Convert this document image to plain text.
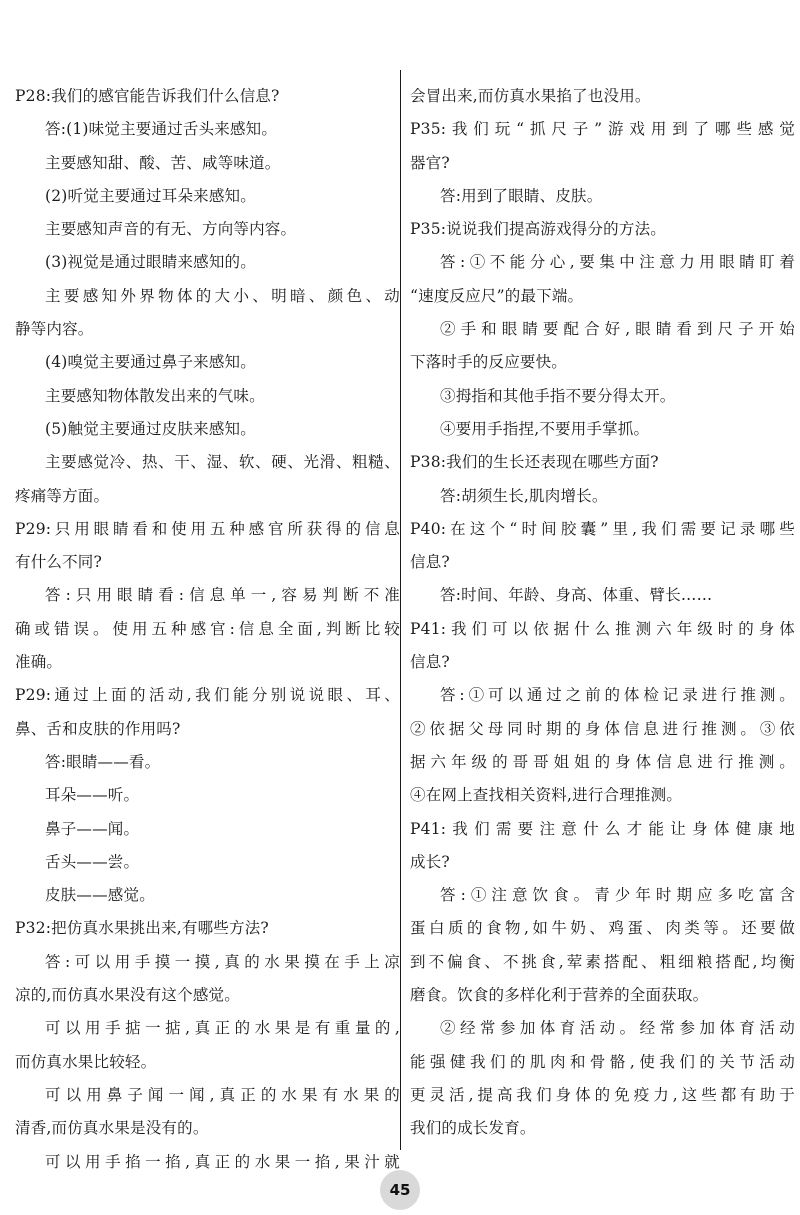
P28:我们的感官能告诉我们什么信息?
答:(1)味觉主要通过舌头来感知。
主要感知甜、酸、苦、咸等味道。
(2)听觉主要通过耳朵来感知。
主要感知声音的有无、方向等内容。
(3)视觉是通过眼睛来感知的。
主要感知外界物体的大小、明暗、颜色、动
静等内容。
(4)嗅觉主要通过鼻子来感知。
主要感知物体散发出来的气味。
(5)触觉主要通过皮肤来感知。
主要感觉冷、热、干、湿、软、硬、光滑、粗糙、
疼痛等方面。
P29:只用眼睛看和使用五种感官所获得的信息
有什么不同?
答:只用眼睛看:信息单一,容易判断不准
确或错误。使用五种感官:信息全面,判断比较
准确。
P29:通过上面的活动,我们能分别说说眼、耳、
鼻、舌和皮肤的作用吗?
答:眼睛——看。
耳朵——听。
鼻子——闻。
舌头——尝。
皮肤——感觉。
P32:把仿真水果挑出来,有哪些方法?
答:可以用手摸一摸,真的水果摸在手上凉
凉的,而仿真水果没有这个感觉。
可以用手掂一掂,真正的水果是有重量的,
而仿真水果比较轻。
可以用鼻子闻一闻,真正的水果有水果的
清香,而仿真水果是没有的。
可以用手掐一掐,真正的水果一掐,果汁就
会冒出来,而仿真水果掐了也没用。
P35:我们玩“抓尺子”游戏用到了哪些感觉
器官?
答:用到了眼睛、皮肤。
P35:说说我们提高游戏得分的方法。
答:①不能分心,要集中注意力用眼睛盯着
“速度反应尺”的最下端。
②手和眼睛要配合好,眼睛看到尺子开始
下落时手的反应要快。
③拇指和其他手指不要分得太开。
④要用手指捏,不要用手掌抓。
P38:我们的生长还表现在哪些方面?
答:胡须生长,肌肉增长。
P40:在这个“时间胶囊”里,我们需要记录哪些
信息?
答:时间、年龄、身高、体重、臂长……
P41:我们可以依据什么推测六年级时的身体
信息?
答:①可以通过之前的体检记录进行推测。
②依据父母同时期的身体信息进行推测。③依
据六年级的哥哥姐姐的身体信息进行推测。
④在网上查找相关资料,进行合理推测。
P41:我们需要注意什么才能让身体健康地
成长?
答:①注意饮食。青少年时期应多吃富含
蛋白质的食物,如牛奶、鸡蛋、肉类等。还要做
到不偏食、不挑食,荤素搭配、粗细粮搭配,均衡
磨食。饮食的多样化利于营养的全面获取。
②经常参加体育活动。经常参加体育活动
能强健我们的肌肉和骨骼,使我们的关节活动
更灵活,提高我们身体的免疫力,这些都有助于
我们的成长发育。
45
